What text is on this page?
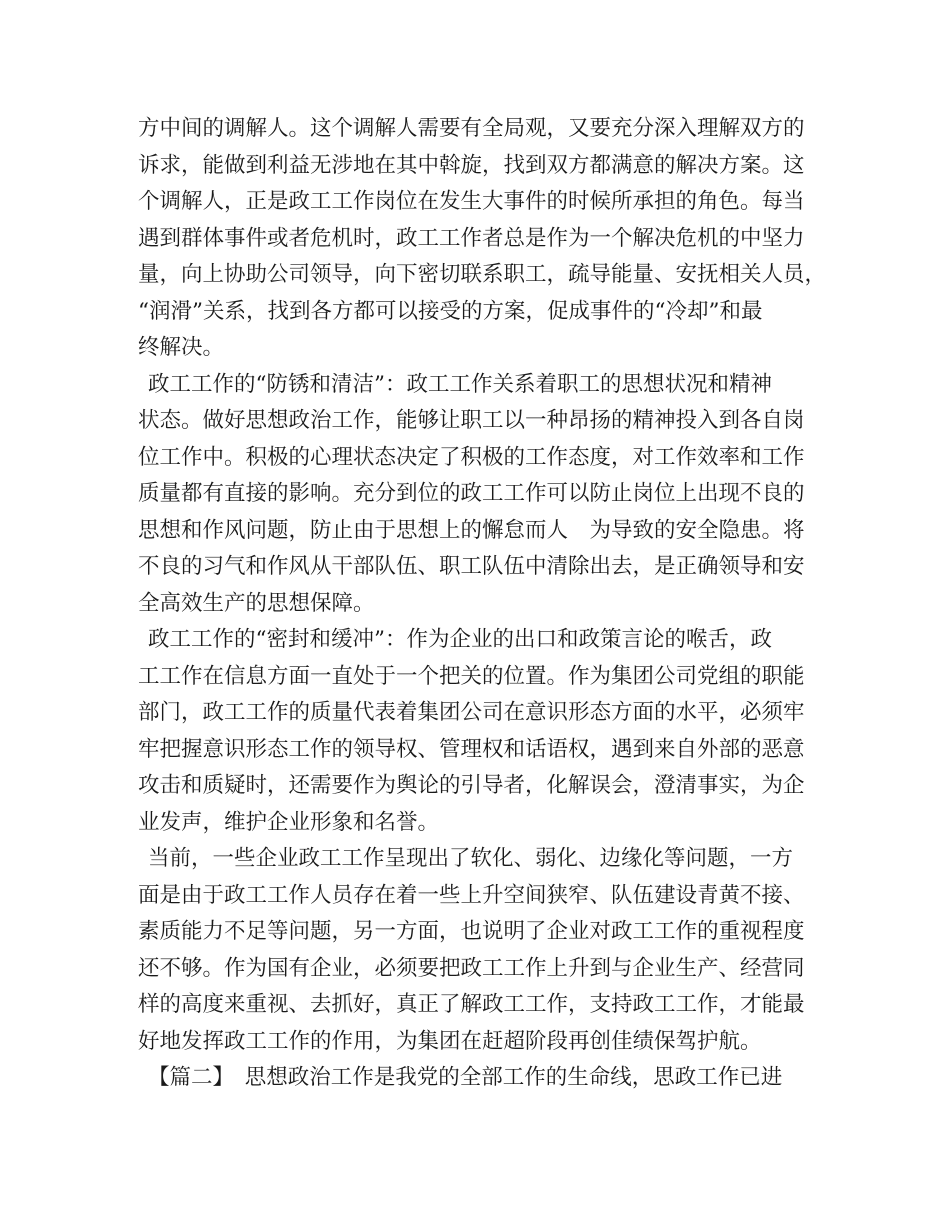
方中间的调解人。这个调解人需要有全局观，又要充分深入理解双方的
诉求，能做到利益无涉地在其中斡旋，找到双方都满意的解决方案。这
个调解人，正是政工工作岗位在发生大事件的时候所承担的角色。每当
遇到群体事件或者危机时，政工工作者总是作为一个解决危机的中坚力
量，向上协助公司领导，向下密切联系职工，疏导能量、安抚相关人员，
“润滑”关系，找到各方都可以接受的方案，促成事件的“冷却”和最
终解决。
政工工作的“防锈和清洁”：政工工作关系着职工的思想状况和精神
状态。做好思想政治工作，能够让职工以一种昂扬的精神投入到各自岗
位工作中。积极的心理状态决定了积极的工作态度，对工作效率和工作
质量都有直接的影响。充分到位的政工工作可以防止岗位上出现不良的
思想和作风问题，防止由于思想上的懈怠而人　为导致的安全隐患。将
不良的习气和作风从干部队伍、职工队伍中清除出去，是正确领导和安
全高效生产的思想保障。
政工工作的“密封和缓冲”：作为企业的出口和政策言论的喉舌，政
工工作在信息方面一直处于一个把关的位置。作为集团公司党组的职能
部门，政工工作的质量代表着集团公司在意识形态方面的水平，必须牢
牢把握意识形态工作的领导权、管理权和话语权，遇到来自外部的恶意
攻击和质疑时，还需要作为舆论的引导者，化解误会，澄清事实，为企
业发声，维护企业形象和名誉。
当前，一些企业政工工作呈现出了软化、弱化、边缘化等问题，一方
面是由于政工工作人员存在着一些上升空间狭窄、队伍建设青黄不接、
素质能力不足等问题，另一方面，也说明了企业对政工工作的重视程度
还不够。作为国有企业，必须要把政工工作上升到与企业生产、经营同
样的高度来重视、去抓好，真正了解政工工作，支持政工工作，才能最
好地发挥政工工作的作用，为集团在赶超阶段再创佳绩保驾护航。
【篇二】　思想政治工作是我党的全部工作的生命线，思政工作已进
